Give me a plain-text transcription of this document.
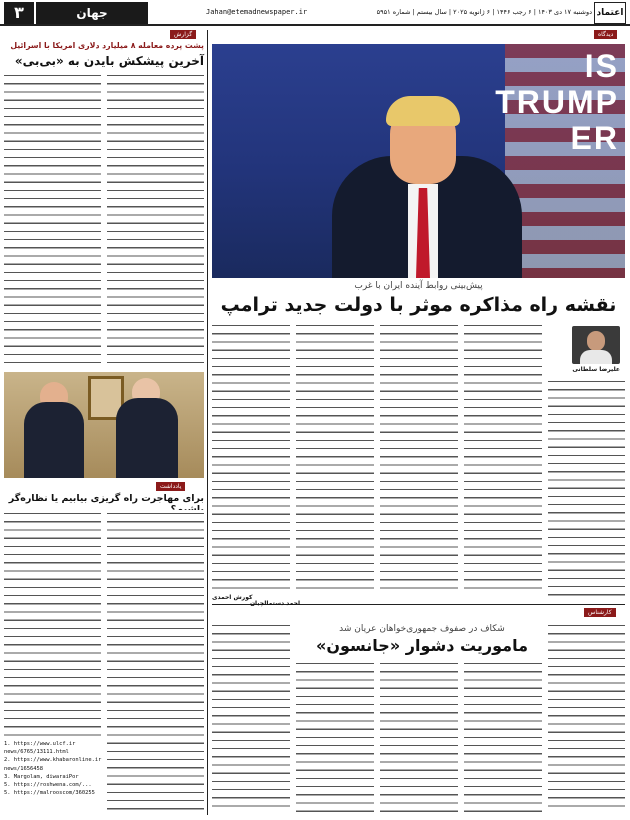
۳	جهان	Jahan@etemadnewspaper.ir	دوشنبه ۱۷ دی ۱۴۰۳ | ۶ رجب ۱۴۴۶ | ۶ ژانویه ۲۰۲۵ | سال بیستم | شماره ۵۹۵۱ اعتماد
گزارش
پشت پرده معامله ۸ میلیارد دلاری امریکا با اسرائیل
آخرین پیشکش بایدن به «بی‌بی»
یادداشت
برای مهاجرت راه گریزی بیابیم یا نظاره‌گر
1. https://www.ulcf.ir
news/6765/13111.html
2. https://www.khabaronline.ir
news/1656458
3. Margolam, diwaraiPor
5. https://roshwena.com/...
5. https://malrooscom/360255
دیدگاه
IS
TRUMP
ER
پیش‌بینی روابط آینده ایران با غرب
نقشه راه مذاکره موثر با دولت جدید ترامپ
علیرضا سلطانی
کورش احمدی
کارشناس
شکاف در صفوف جمهوری‌خواهان عریان شد
ماموریت دشوار «جانسون»
احمد دستمالچیان
